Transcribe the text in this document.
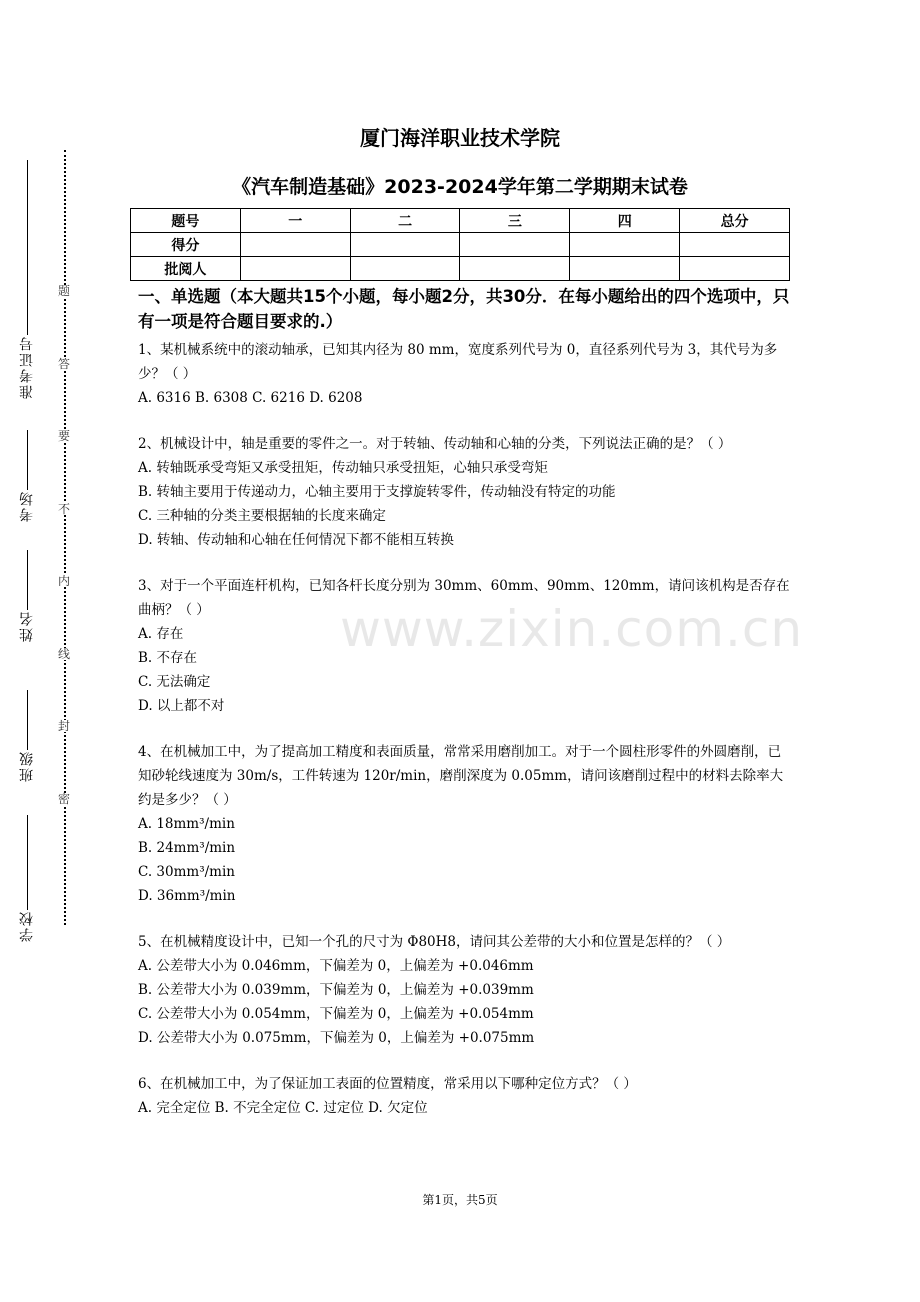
准考证号
考场
姓名
班级
学校
题
答
要
不
内
线
封
密
厦门海洋职业技术学院
《汽车制造基础》2023-2024学年第二学期期末试卷
题号	一	二	三	四	总分
得分					
批阅人					
一、单选题（本大题共15个小题，每小题2分，共30分．在每小题给出的四个选项中，只有一项是符合题目要求的.）
1、某机械系统中的滚动轴承，已知其内径为 80 mm，宽度系列代号为 0，直径系列代号为 3，其代号为多少？（ ）
A. 6316 B. 6308 C. 6216 D. 6208
2、机械设计中，轴是重要的零件之一。对于转轴、传动轴和心轴的分类，下列说法正确的是？（ ）
A. 转轴既承受弯矩又承受扭矩，传动轴只承受扭矩，心轴只承受弯矩
B. 转轴主要用于传递动力，心轴主要用于支撑旋转零件，传动轴没有特定的功能
C. 三种轴的分类主要根据轴的长度来确定
D. 转轴、传动轴和心轴在任何情况下都不能相互转换
3、对于一个平面连杆机构，已知各杆长度分别为 30mm、60mm、90mm、120mm，请问该机构是否存在曲柄？（ ）
A. 存在
B. 不存在
C. 无法确定
D. 以上都不对
4、在机械加工中，为了提高加工精度和表面质量，常常采用磨削加工。对于一个圆柱形零件的外圆磨削，已知砂轮线速度为 30m/s，工件转速为 120r/min，磨削深度为 0.05mm，请问该磨削过程中的材料去除率大约是多少？（ ）
A. 18mm³/min
B. 24mm³/min
C. 30mm³/min
D. 36mm³/min
5、在机械精度设计中，已知一个孔的尺寸为 Φ80H8，请问其公差带的大小和位置是怎样的？（ ）
A. 公差带大小为 0.046mm，下偏差为 0，上偏差为 +0.046mm
B. 公差带大小为 0.039mm，下偏差为 0，上偏差为 +0.039mm
C. 公差带大小为 0.054mm，下偏差为 0，上偏差为 +0.054mm
D. 公差带大小为 0.075mm，下偏差为 0，上偏差为 +0.075mm
6、在机械加工中，为了保证加工表面的位置精度，常采用以下哪种定位方式？（ ）
A. 完全定位 B. 不完全定位 C. 过定位 D. 欠定位
www.zixin.com.cn
第1页，共5页
